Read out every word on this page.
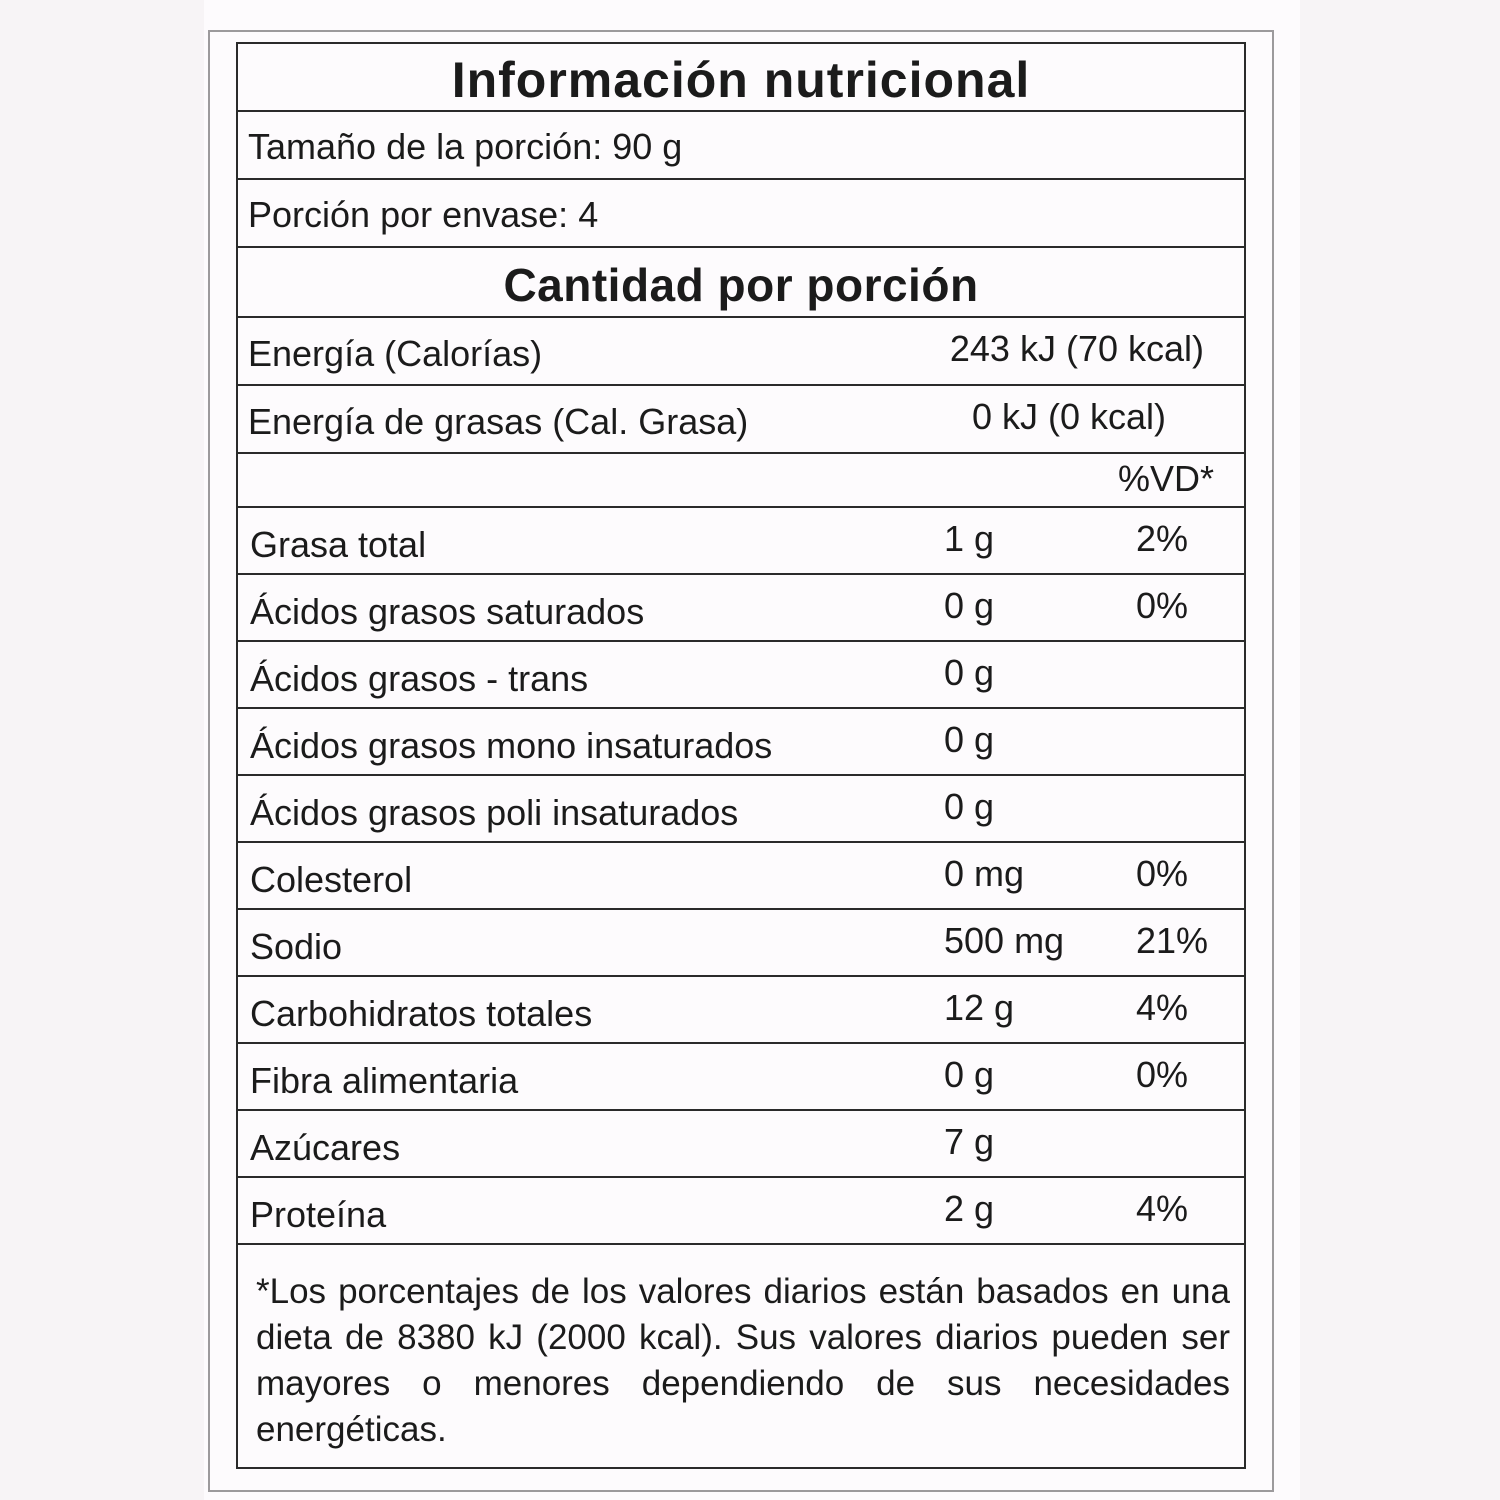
Información nutricional
Tamaño de la porción: 90 g
Porción por envase: 4
Cantidad por porción
Energía (Calorías)	243 kJ (70 kcal)
Energía de grasas (Cal. Grasa)	0 kJ (0 kcal)
%VD*
Grasa total	1 g	2%
Ácidos grasos saturados	0 g	0%
Ácidos grasos - trans	0 g
Ácidos grasos mono insaturados	0 g
Ácidos grasos poli insaturados	0 g
Colesterol	0 mg	0%
Sodio	500 mg 21%
Carbohidratos totales	12 g	4%
Fibra alimentaria	0 g	0%
Azúcares	7 g
Proteína	2 g	4%
*Los porcentajes de los valores diarios están basados en una dieta de 8380 kJ (2000 kcal). Sus valores diarios pueden ser mayores o menores dependiendo de sus necesidades energéticas.
